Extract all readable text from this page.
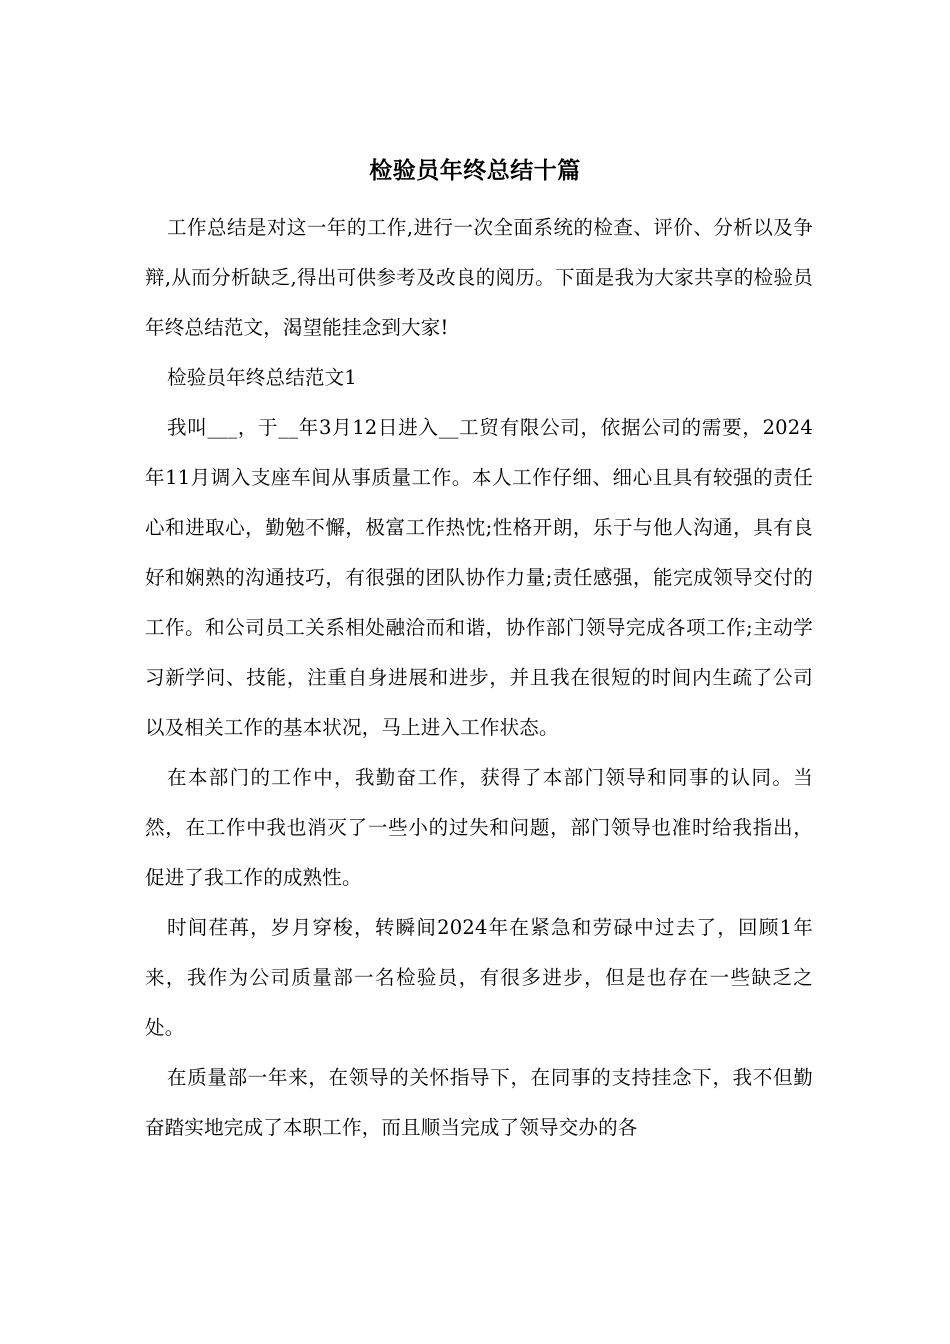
检验员年终总结十篇

工作总结是对这一年的工作,进行一次全面系统的检查、评价、分析以及争辩,从而分析缺乏,得出可供参考及改良的阅历。下面是我为大家共享的检验员年终总结范文，渴望能挂念到大家!

检验员年终总结范文1

我叫___，于__年3月12日进入__工贸有限公司，依据公司的需要，2024年11月调入支座车间从事质量工作。本人工作仔细、细心且具有较强的责任心和进取心，勤勉不懈，极富工作热忱;性格开朗，乐于与他人沟通，具有良好和娴熟的沟通技巧，有很强的团队协作力量;责任感强，能完成领导交付的工作。和公司员工关系相处融洽而和谐，协作部门领导完成各项工作;主动学习新学问、技能，注重自身进展和进步，并且我在很短的时间内生疏了公司以及相关工作的基本状况，马上进入工作状态。

在本部门的工作中，我勤奋工作，获得了本部门领导和同事的认同。当然，在工作中我也消灭了一些小的过失和问题，部门领导也准时给我指出，促进了我工作的成熟性。

时间荏苒，岁月穿梭，转瞬间2024年在紧急和劳碌中过去了，回顾1年来，我作为公司质量部一名检验员，有很多进步，但是也存在一些缺乏之处。

在质量部一年来，在领导的关怀指导下，在同事的支持挂念下，我不但勤奋踏实地完成了本职工作，而且顺当完成了领导交办的各
